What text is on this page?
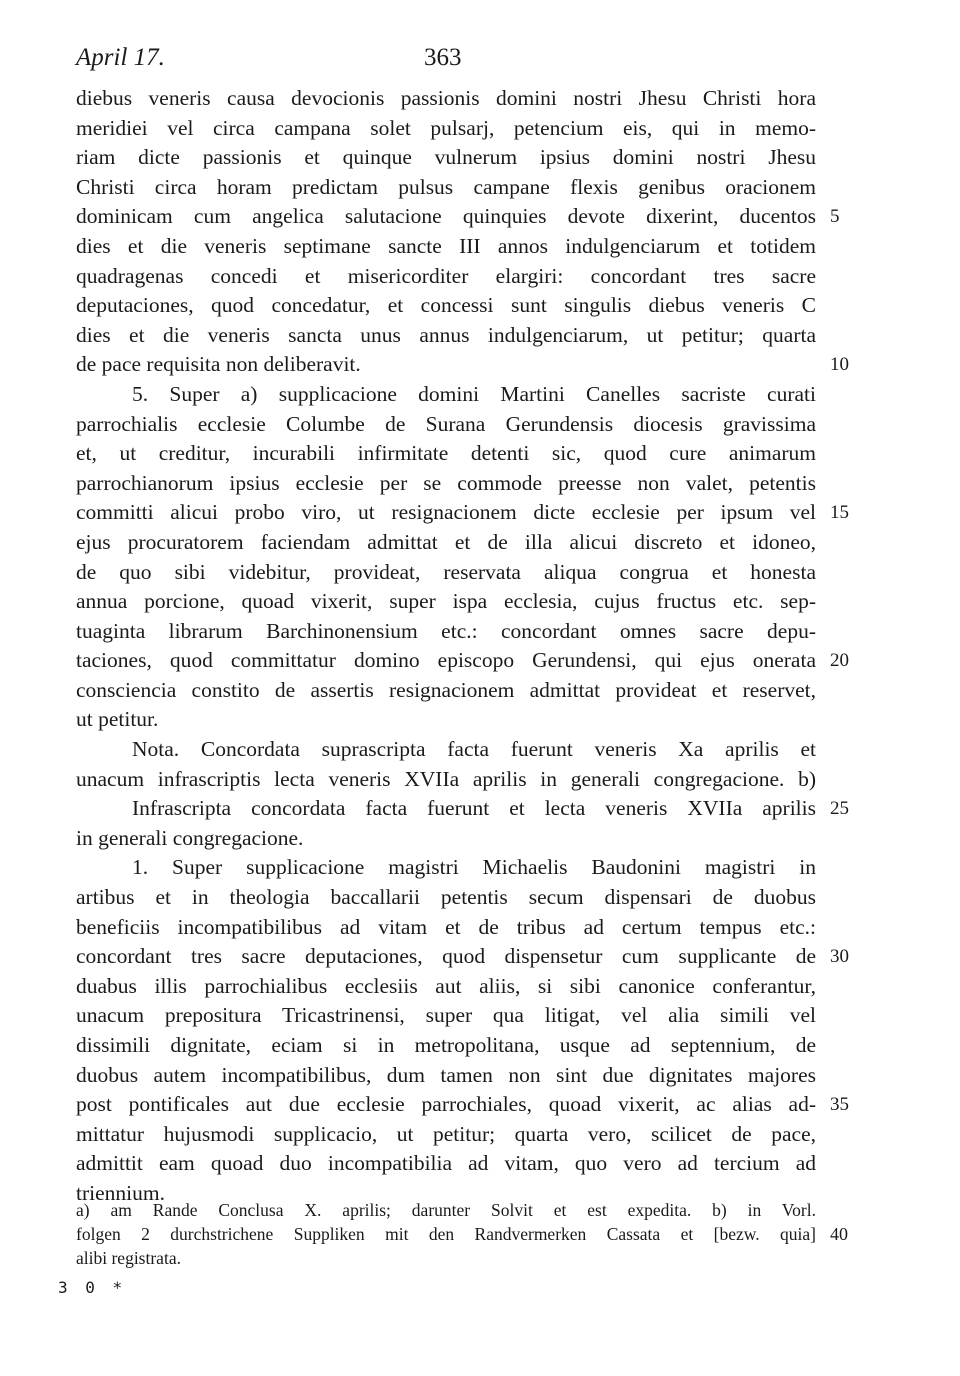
April 17.	363
diebus veneris causa devocionis passionis domini nostri Jhesu Christi hora
meridiei vel circa campana solet pulsarj, petencium eis, qui in memo-
riam dicte passionis et quinque vulnerum ipsius domini nostri Jhesu
Christi circa horam predictam pulsus campane flexis genibus oracionem
dominicam cum angelica salutacione quinquies devote dixerint, ducentos 5
dies et die veneris septimane sancte III annos indulgenciarum et totidem
quadragenas concedi et misericorditer elargiri: concordant tres sacre
deputaciones, quod concedatur, et concessi sunt singulis diebus veneris C
dies et die veneris sancta unus annus indulgenciarum, ut petitur; quarta
de pace requisita non deliberavit.	10
5. Super a) supplicacione domini Martini Canelles sacriste curati
parrochialis ecclesie Columbe de Surana Gerundensis diocesis gravissima
et, ut creditur, incurabili infirmitate detenti sic, quod cure animarum
parrochianorum ipsius ecclesie per se commode preesse non valet, petentis
committi alicui probo viro, ut resignacionem dicte ecclesie per ipsum vel 15
ejus procuratorem faciendam admittat et de illa alicui discreto et idoneo,
de quo sibi videbitur, provideat, reservata aliqua congrua et honesta
annua porcione, quoad vixerit, super ispa ecclesia, cujus fructus etc. sep-
tuaginta librarum Barchinonensium etc.: concordant omnes sacre depu-
taciones, quod committatur domino episcopo Gerundensi, qui ejus onerata 20
consciencia constito de assertis resignacionem admittat provideat et reservet,
ut petitur.
Nota. Concordata suprascripta facta fuerunt veneris Xa aprilis et
unacum infrascriptis lecta veneris XVIIa aprilis in generali congregacione. b)
Infrascripta concordata facta fuerunt et lecta veneris XVIIa aprilis 25
in generali congregacione.
1. Super supplicacione magistri Michaelis Baudonini magistri in
artibus et in theologia baccallarii petentis secum dispensari de duobus
beneficiis incompatibilibus ad vitam et de tribus ad certum tempus etc.:
concordant tres sacre deputaciones, quod dispensetur cum supplicante de 30
duabus illis parrochialibus ecclesiis aut aliis, si sibi canonice conferantur,
unacum prepositura Tricastrinensi, super qua litigat, vel alia simili vel
dissimili dignitate, eciam si in metropolitana, usque ad septennium, de
duobus autem incompatibilibus, dum tamen non sint due dignitates majores
post pontificales aut due ecclesie parrochiales, quoad vixerit, ac alias ad- 35
mittatur hujusmodi supplicacio, ut petitur; quarta vero, scilicet de pace,
admittit eam quoad duo incompatibilia ad vitam, quo vero ad tercium ad
triennium.
a) am Rande Conclusa X. aprilis; darunter Solvit et est expedita. b) in Vorl.
folgen 2 durchstrichene Suppliken mit den Randvermerken Cassata et [bezw. quia] 40
alibi registrata.
3 0 *
